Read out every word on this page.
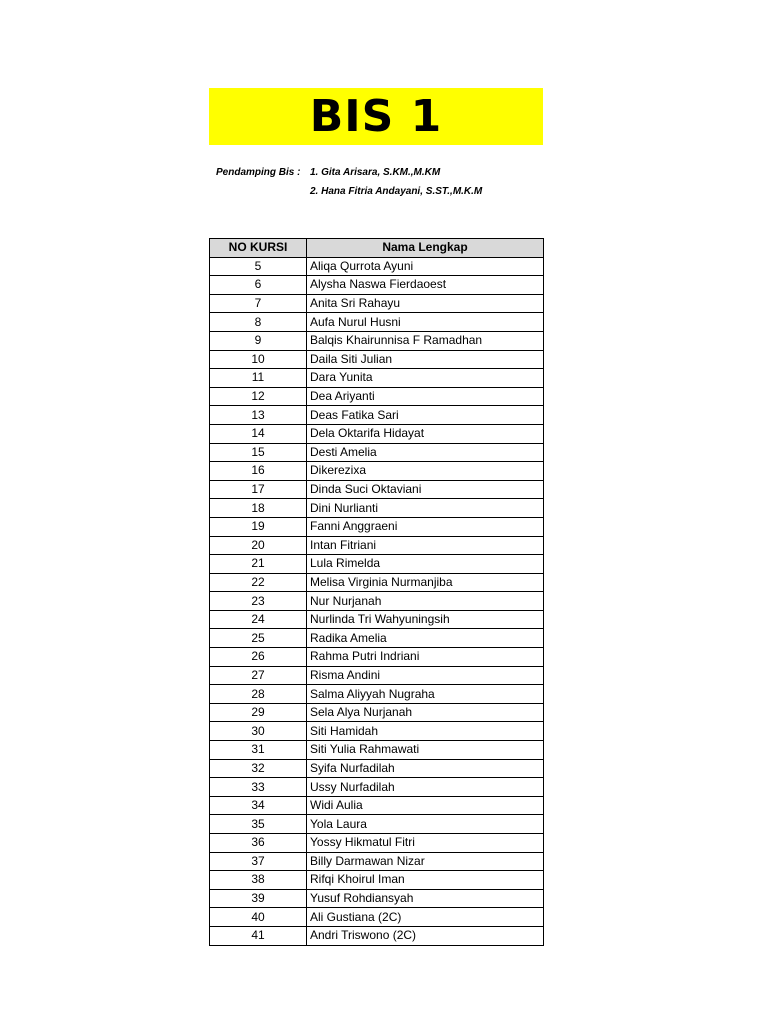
BIS 1
Pendamping Bis : 1. Gita Arisara, S.KM.,M.KM
2. Hana Fitria Andayani, S.ST.,M.K.M
NO KURSI	Nama Lengkap
5	Aliqa Qurrota Ayuni
6	Alysha Naswa Fierdaoest
7	Anita Sri Rahayu
8	Aufa Nurul Husni
9	Balqis Khairunnisa F Ramadhan
10	Daila Siti Julian
11	Dara Yunita
12	Dea Ariyanti
13	Deas Fatika Sari
14	Dela Oktarifa Hidayat
15	Desti Amelia
16	Dikerezixa
17	Dinda Suci Oktaviani
18	Dini Nurlianti
19	Fanni Anggraeni
20	Intan Fitriani
21	Lula Rimelda
22	Melisa Virginia Nurmanjiba
23	Nur Nurjanah
24	Nurlinda Tri Wahyuningsih
25	Radika Amelia
26	Rahma Putri Indriani
27	Risma Andini
28	Salma Aliyyah Nugraha
29	Sela Alya Nurjanah
30	Siti Hamidah
31	Siti Yulia Rahmawati
32	Syifa Nurfadilah
33	Ussy Nurfadilah
34	Widi Aulia
35	Yola Laura
36	Yossy Hikmatul Fitri
37	Billy Darmawan Nizar
38	Rifqi Khoirul Iman
39	Yusuf Rohdiansyah
40	Ali Gustiana (2C)
41	Andri Triswono (2C)
